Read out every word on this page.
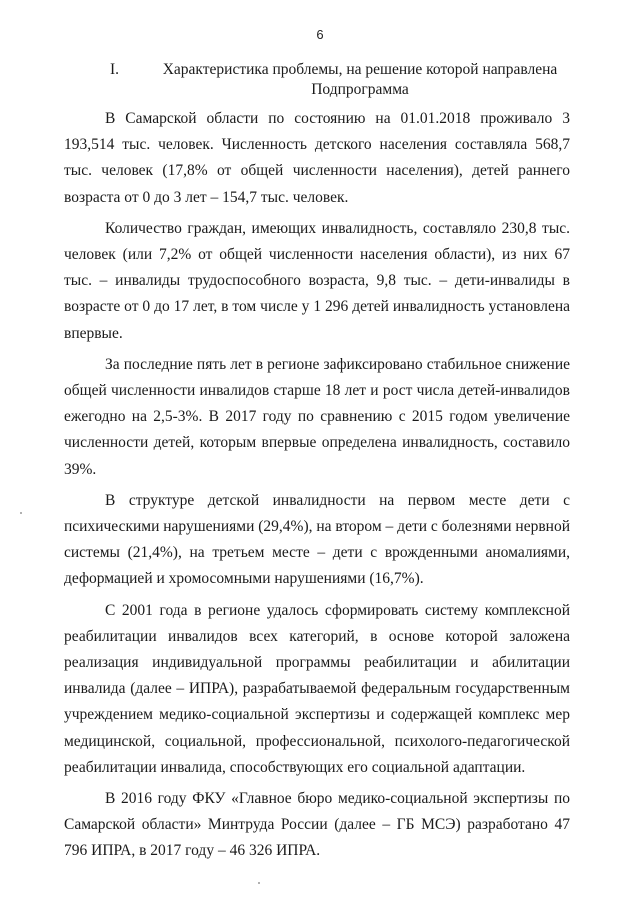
6
I.	Характеристика проблемы, на решение которой направлена
Подпрограмма

В Самарской области по состоянию на 01.01.2018 проживало 3 193,514 тыс. человек. Численность детского населения составляла 568,7 тыс. человек (17,8% от общей численности населения), детей раннего возраста от 0 до 3 лет – 154,7 тыс. человек.

Количество граждан, имеющих инвалидность, составляло 230,8 тыс. человек (или 7,2% от общей численности населения области), из них 67 тыс. – инвалиды трудоспособного возраста, 9,8 тыс. – дети-инвалиды в возрасте от 0 до 17 лет, в том числе у 1 296 детей инвалидность установлена впервые.

За последние пять лет в регионе зафиксировано стабильное снижение общей численности инвалидов старше 18 лет и рост числа детей-инвалидов ежегодно на 2,5-3%. В 2017 году по сравнению с 2015 годом увеличение численности детей, которым впервые определена инвалидность, составило 39%.

В структуре детской инвалидности на первом месте дети с психическими нарушениями (29,4%), на втором – дети с болезнями нервной системы (21,4%), на третьем месте – дети с врожденными аномалиями, деформацией и хромосомными нарушениями (16,7%).

С 2001 года в регионе удалось сформировать систему комплексной реабилитации инвалидов всех категорий, в основе которой заложена реализация индивидуальной программы реабилитации и абилитации инвалида (далее – ИПРА), разрабатываемой федеральным государственным учреждением медико-социальной экспертизы и содержащей комплекс мер медицинской, социальной, профессиональной, психолого-педагогической реабилитации инвалида, способствующих его социальной адаптации.

В 2016 году ФКУ «Главное бюро медико-социальной экспертизы по Самарской области» Минтруда России (далее – ГБ МСЭ) разработано 47 796 ИПРА, в 2017 году – 46 326 ИПРА.
